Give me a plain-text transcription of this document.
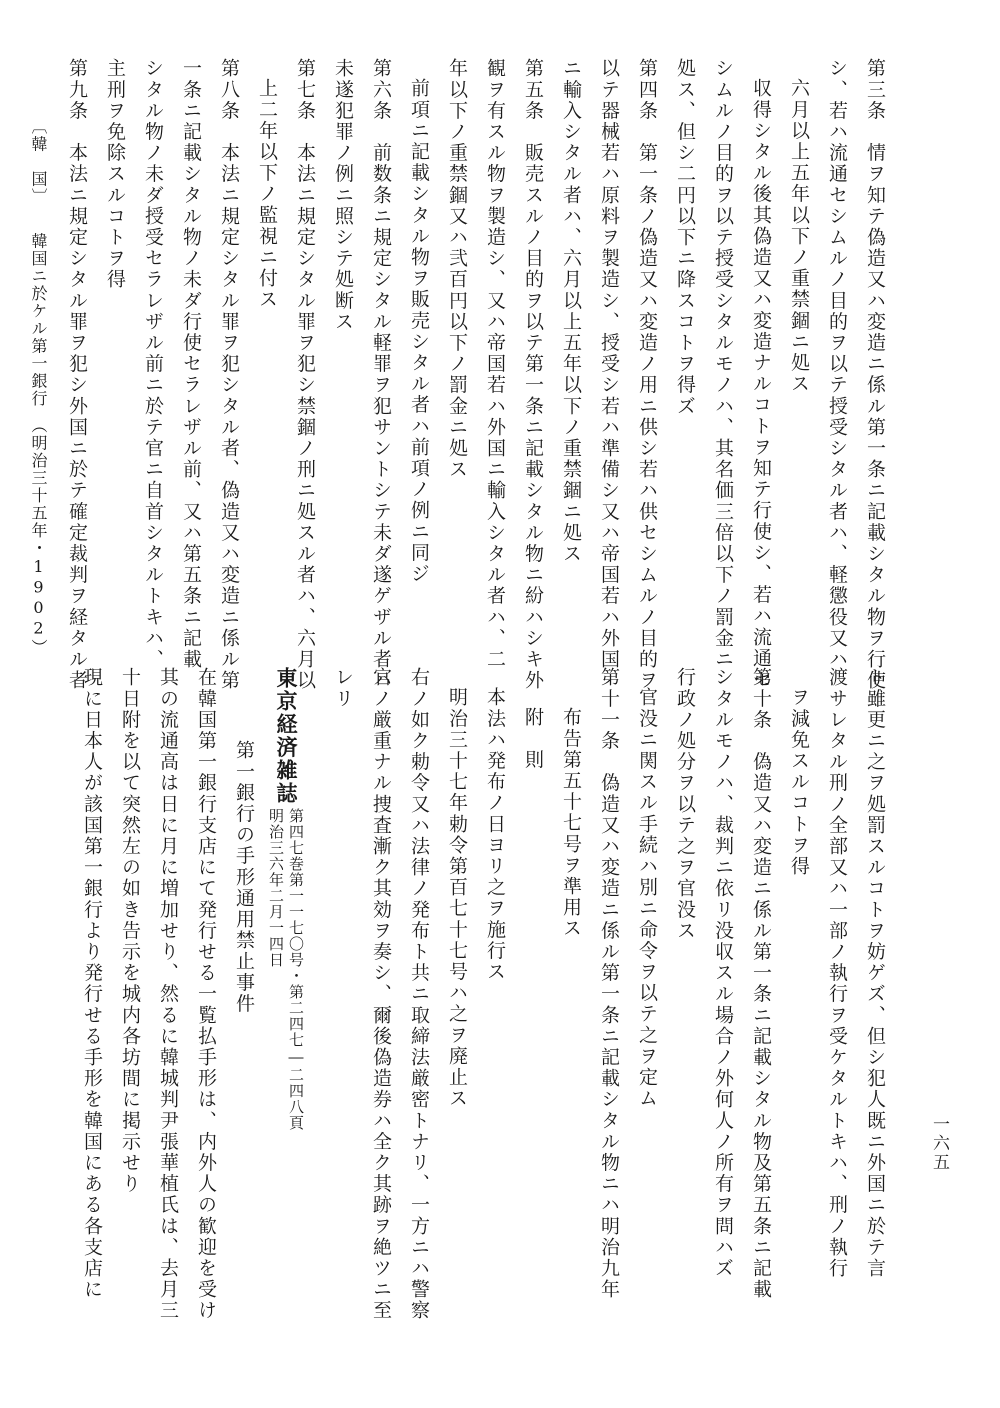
第三条　情ヲ知テ偽造又ハ変造ニ係ル第一条ニ記載シタル物ヲ行使
シ、若ハ流通セシムルノ目的ヲ以テ授受シタル者ハ、軽懲役又ハ
六月以上五年以下ノ重禁錮ニ処ス
収得シタル後其偽造又ハ変造ナルコトヲ知テ行使シ、若ハ流通セ
シムルノ目的ヲ以テ授受シタルモノハ、其名価三倍以下ノ罰金ニ
処ス、但シ二円以下ニ降スコトヲ得ズ
第四条　第一条ノ偽造又ハ変造ノ用ニ供シ若ハ供セシムルノ目的ヲ
以テ器械若ハ原料ヲ製造シ、授受シ若ハ準備シ又ハ帝国若ハ外国
ニ輸入シタル者ハ、六月以上五年以下ノ重禁錮ニ処ス
第五条　販売スルノ目的ヲ以テ第一条ニ記載シタル物ニ紛ハシキ外
観ヲ有スル物ヲ製造シ、又ハ帝国若ハ外国ニ輸入シタル者ハ、二
年以下ノ重禁錮又ハ弐百円以下ノ罰金ニ処ス
前項ニ記載シタル物ヲ販売シタル者ハ前項ノ例ニ同ジ
第六条　前数条ニ規定シタル軽罪ヲ犯サントシテ未ダ遂ゲザル者ハ
未遂犯罪ノ例ニ照シテ処断ス
第七条　本法ニ規定シタル罪ヲ犯シ禁錮ノ刑ニ処スル者ハ、六月以
上二年以下ノ監視ニ付ス
第八条　本法ニ規定シタル罪ヲ犯シタル者、偽造又ハ変造ニ係ル第
一条ニ記載シタル物ノ未ダ行使セラレザル前、又ハ第五条ニ記載
シタル物ノ未ダ授受セラレザル前ニ於テ官ニ自首シタルトキハ、
主刑ヲ免除スルコトヲ得
第九条　本法ニ規定シタル罪ヲ犯シ外国ニ於テ確定裁判ヲ経タル者
〔韓　国〕　　韓国ニ於ケル第一銀行　（明治三十五年・1902）
ト雖更ニ之ヲ処罰スルコトヲ妨ゲズ、但シ犯人既ニ外国ニ於テ言
渡サレタル刑ノ全部又ハ一部ノ執行ヲ受ケタルトキハ、刑ノ執行
ヲ減免スルコトヲ得
第十条　偽造又ハ変造ニ係ル第一条ニ記載シタル物及第五条ニ記載
シタルモノハ、裁判ニ依リ没収スル場合ノ外何人ノ所有ヲ問ハズ
行政ノ処分ヲ以テ之ヲ官没ス
官没ニ関スル手続ハ別ニ命令ヲ以テ之ヲ定ム
第十一条　偽造又ハ変造ニ係ル第一条ニ記載シタル物ニハ明治九年
布告第五十七号ヲ準用ス
附　則
本法ハ発布ノ日ヨリ之ヲ施行ス
明治三十七年勅令第百七十七号ハ之ヲ廃止ス
右ノ如ク勅令又ハ法律ノ発布ト共ニ取締法厳密トナリ、一方ニハ警察
官ノ厳重ナル捜査漸ク其効ヲ奏シ、爾後偽造券ハ全ク其跡ヲ絶ツニ至
レリ
東京経済雑誌
第四七巻第一一七〇号・第二四七―二四八頁
明治三六年二月一四日
第一銀行の手形通用禁止事件
在韓国第一銀行支店にて発行せる一覧払手形は、内外人の歓迎を受け
其の流通高は日に月に増加せり、然るに韓城判尹張華植氏は、去月三
十日附を以て突然左の如き告示を城内各坊間に掲示せり
現に日本人が該国第一銀行より発行せる手形を韓国にある各支店に	一六五
